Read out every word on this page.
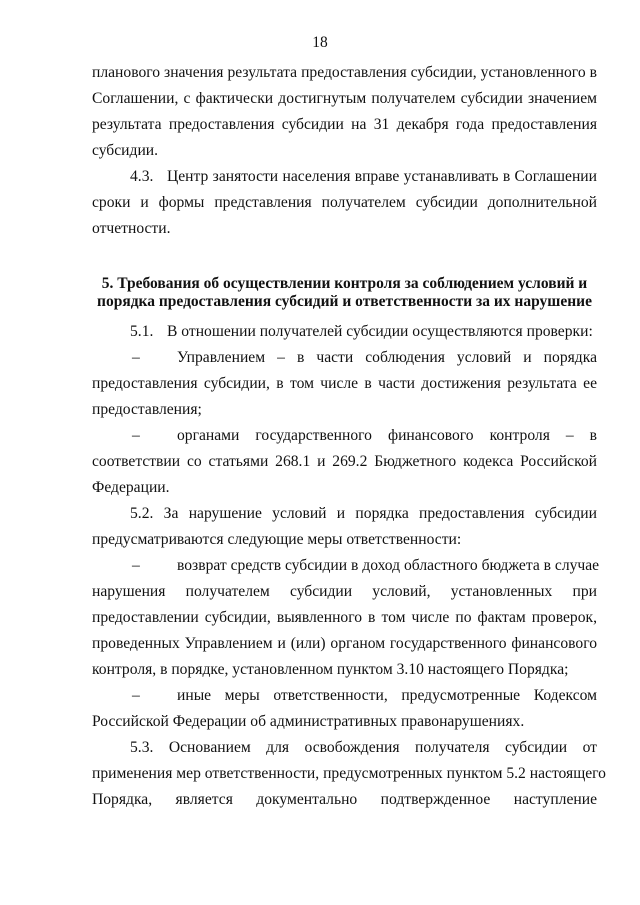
18
планового значения результата предоставления субсидии, установленного в
Соглашении, с фактически достигнутым получателем субсидии значением
результата предоставления субсидии на 31 декабря года предоставления
субсидии.
4.3. Центр занятости населения вправе устанавливать в Соглашении
сроки и формы представления получателем субсидии дополнительной
отчетности.
5. Требования об осуществлении контроля за соблюдением условий и
порядка предоставления субсидий и ответственности за их нарушение
5.1. В отношении получателей субсидии осуществляются проверки:
– Управлением – в части соблюдения условий и порядка
предоставления субсидии, в том числе в части достижения результата ее
предоставления;
– органами государственного финансового контроля – в
соответствии со статьями 268.1 и 269.2 Бюджетного кодекса Российской
Федерации.
5.2. За нарушение условий и порядка предоставления субсидии
предусматриваются следующие меры ответственности:
– возврат средств субсидии в доход областного бюджета в случае
нарушения получателем субсидии условий, установленных при
предоставлении субсидии, выявленного в том числе по фактам проверок,
проведенных Управлением и (или) органом государственного финансового
контроля, в порядке, установленном пунктом 3.10 настоящего Порядка;
– иные меры ответственности, предусмотренные Кодексом
Российской Федерации об административных правонарушениях.
5.3. Основанием для освобождения получателя субсидии от
применения мер ответственности, предусмотренных пунктом 5.2 настоящего
Порядка, является документально подтвержденное наступление
